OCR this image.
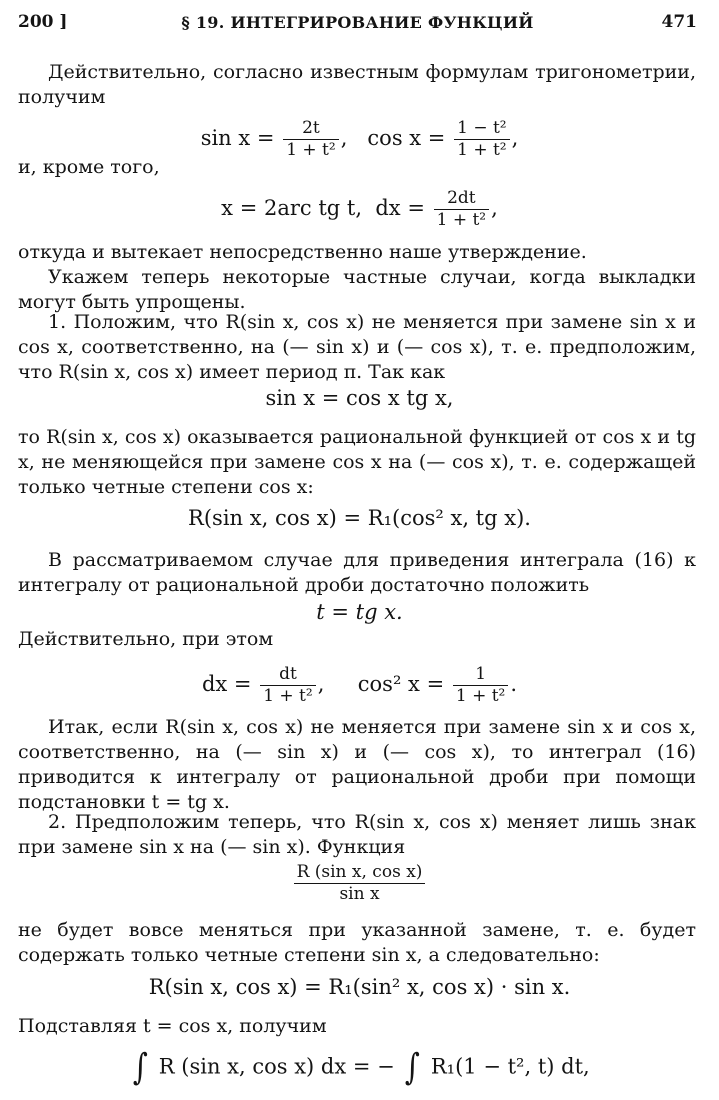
200 ]	§ 19. ИНТЕГРИРОВАНИЕ ФУНКЦИЙ	471
Действительно, согласно известным формулам тригонометрии, получим
$\sin x = \frac{2t}{\text{1 + t²}}$ , $\cos x = \frac{\text{1 − t²}}{\text{1 + t²}}$ ,
и, кроме того,
x = 2arc tg t, dx = $\frac{2dt}{\text{1 + t²}}$ ,
откуда и вытекает непосредственно наше утверждение.
Укажем теперь некоторые частные случаи, когда выкладки могут быть упрощены.
1. Положим, что R(sin x, cos x) не меняется при замене sin x и cos x, соответственно, на (— sin x) и (— cos x), т. е. предположим, что R(sin x, cos x) имеет период π. Так как
sin x = cos x tg x,
то R(sin x, cos x) оказывается рациональной функцией от cos x и tg x, не меняющейся при замене cos x на (— cos x), т. е. содержащей только четные степени cos x:
R(sin x, cos x) = R₁(cos² x, tg x).
В рассматриваемом случае для приведения интеграла (16) к интегралу от рациональной дроби достаточно положить
t = tg x.
Действительно, при этом
dx = $\frac{dt}{\text{1 + t²}}$ , cos² $x = \frac{1}{\text{1 + t²}}$ .
Итак, если R(sin x, cos x) не меняется при замене sin x и cos x, соответственно, на (— sin x) и (— cos x), то интеграл (16) приводится к интегралу от рациональной дроби при помощи подстановки t = tg x.
2. Предположим теперь, что R(sin x, cos x) меняет лишь знак при замене sin x на (— sin x). Функция
$\frac{\text{R (sin x, cos x)}}{\text{sin x}}$
не будет вовсе меняться при указанной замене, т. е. будет содержать только четные степени sin x, а следовательно:
R(sin x, cos x) = R₁(sin² x, cos x) · sin x.
Подставляя t = cos x, получим
∫ R (sin x, cos x) dx = − ∫ R₁(1 − t², t) dt,
